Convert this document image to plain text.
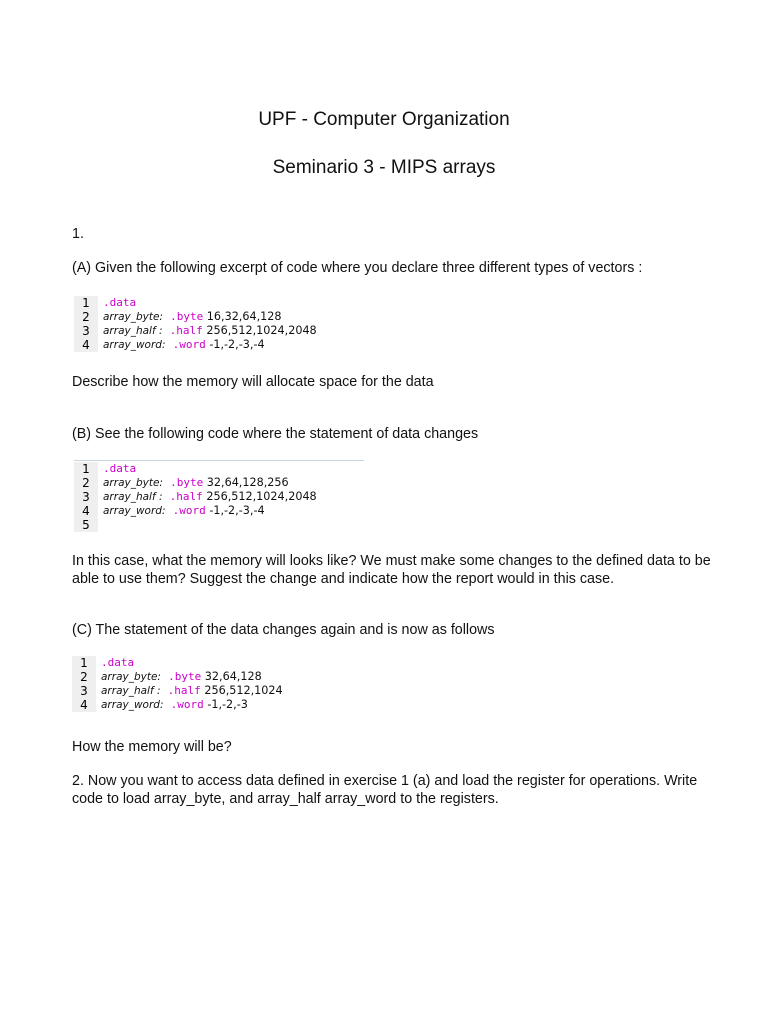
UPF - Computer Organization
Seminario 3 - MIPS arrays

1.

(A) Given the following excerpt of code where you declare three different types of vectors :

1	.data
2	array_byte: .byte 16,32,64,128
3	array_half : .half 256,512,1024,2048
4	array_word: .word -1,-2,-3,-4

Describe how the memory will allocate space for the data

(B) See the following code where the statement of data changes

1	.data
2	array_byte: .byte 32,64,128,256
3	array_half : .half 256,512,1024,2048
4	array_word: .word -1,-2,-3,-4
5

In this case, what the memory will looks like? We must make some changes to the defined data to be able to use them? Suggest the change and indicate how the report would in this case.

(C) The statement of the data changes again and is now as follows

1	.data
2	array_byte: .byte 32,64,128
3	array_half : .half 256,512,1024
4	array_word: .word -1,-2,-3

How the memory will be?

2. Now you want to access data defined in exercise 1 (a) and load the register for operations. Write code to load array_byte, and array_half array_word to the registers.
